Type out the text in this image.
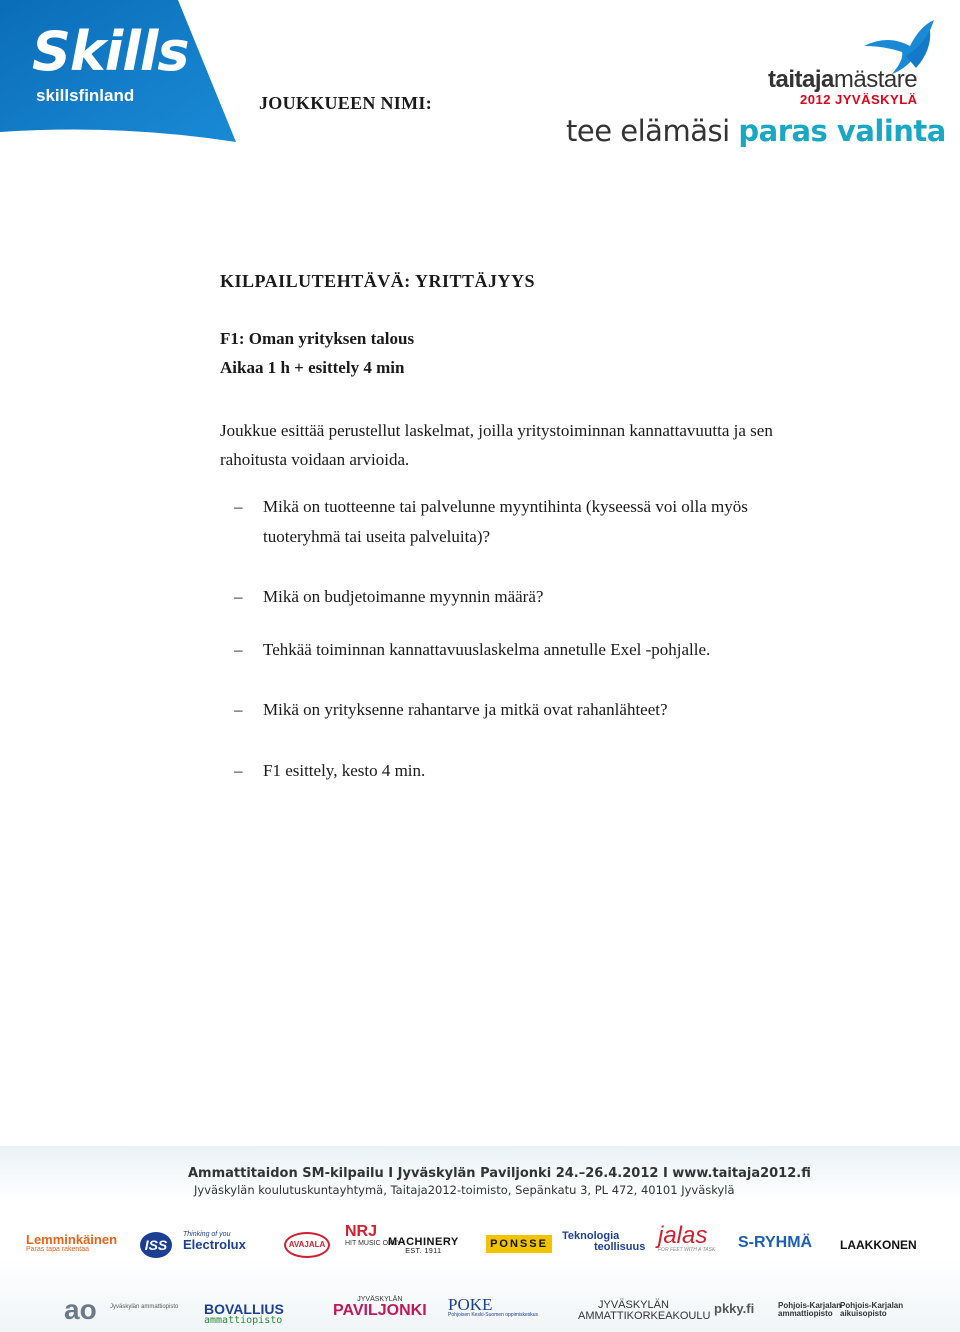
Skills
skillsfinland	JOUKKUEEN NIMI:
taitajamästare
2012 JYVÄSKYLÄ
tee elämäsi paras valinta
KILPAILUTEHTÄVÄ: YRITTÄJYYS
F1: Oman yrityksen talous
Aikaa 1 h + esittely 4 min
Joukkue esittää perustellut laskelmat, joilla yritystoiminnan kannattavuutta ja sen rahoitusta voidaan arvioida.
– Mikä on tuotteenne tai palvelunne myyntihinta (kyseessä voi olla myös tuoteryhmä tai useita palveluita)?
– Mikä on budjetoimanne myynnin määrä?
– Tehkää toiminnan kannattavuuslaskelma annetulle Exel -pohjalle.
– Mikä on yrityksenne rahantarve ja mitkä ovat rahanlähteet?
– F1 esittely, kesto 4 min.
Ammattitaidon SM-kilpailu I Jyväskylän Paviljonki 24.–26.4.2012 I www.taitaja2012.fi
Jyväskylän koulutuskuntayhtymä, Taitaja2012-toimisto, Sepänkatu 3, PL 472, 40101 Jyväskylä
Lemminkäinen
Paras tapa rakentaa	ISS
Thinking of you
Electrolux	AVAJALA
NRJ
HIT MUSIC ONLY !
MACHINERY
EST. 1911
PONSSE
Teknologia
teollisuus jalas
FOR FEET WITH A TASK S-RYHMÄ LAAKKONEN
ao Jyväskylän ammattiopisto BOVALLIUS
ammattiopisto
JYVÄSKYLÄN
PAVILJONKI POKE
Pohjoisen Keski-Suomen oppimiskeskus
JYVÄSKYLÄN
AMMATTIKORKEAKOULU pkky.fi	Pohjois-Karjalan
ammattiopisto
Pohjois-Karjalan
aikuisopisto
